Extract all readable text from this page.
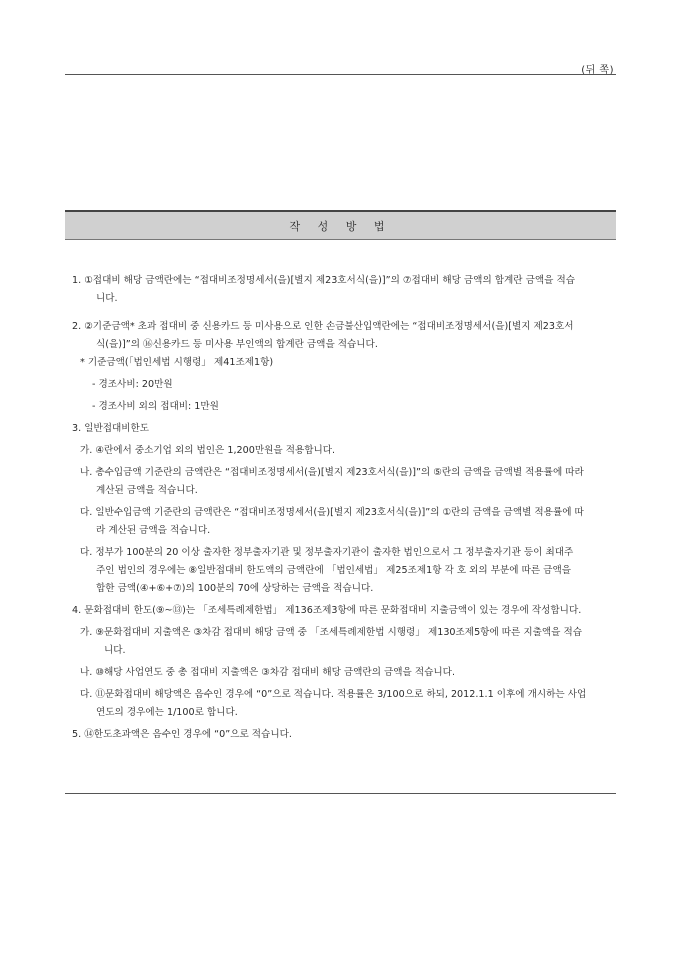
(뒤 쪽)
작 성 방 법
1. ①접대비 해당 금액란에는 “접대비조정명세서(을)[별지 제23호서식(을)]”의 ⑦접대비 해당 금액의 합계란 금액을 적습
니다.
2. ②기준금액* 초과 접대비 중 신용카드 등 미사용으로 인한 손금불산입액란에는 “접대비조정명세서(을)[별지 제23호서
식(을)]”의 ⑯신용카드 등 미사용 부인액의 합계란 금액을 적습니다.
* 기준금액(「법인세법 시행령」 제41조제1항)
- 경조사비: 20만원
- 경조사비 외의 접대비: 1만원
3. 일반접대비한도
가. ④란에서 중소기업 외의 법인은 1,200만원을 적용합니다.
나. 총수입금액 기준란의 금액란은 “접대비조정명세서(을)[별지 제23호서식(을)]”의 ⑤란의 금액을 금액별 적용률에 따라
계산된 금액을 적습니다.
다. 일반수입금액 기준란의 금액란은 “접대비조정명세서(을)[별지 제23호서식(을)]”의 ①란의 금액을 금액별 적용률에 따
라 계산된 금액을 적습니다.
다. 정부가 100분의 20 이상 출자한 정부출자기관 및 정부출자기관이 출자한 법인으로서 그 정부출자기관 등이 최대주
주인 법인의 경우에는 ⑧일반접대비 한도액의 금액란에 「법인세법」 제25조제1항 각 호 외의 부분에 따른 금액을
합한 금액(④+⑥+⑦)의 100분의 70에 상당하는 금액을 적습니다.
4. 문화접대비 한도(⑨~⑬)는 「조세특례제한법」 제136조제3항에 따른 문화접대비 지출금액이 있는 경우에 작성합니다.
가. ⑨문화접대비 지출액은 ③차감 접대비 해당 금액 중 「조세특례제한법 시행령」 제130조제5항에 따른 지출액을 적습
니다.
나. ⑩해당 사업연도 중 총 접대비 지출액은 ③차감 접대비 해당 금액란의 금액을 적습니다.
다. ⑪문화접대비 해당액은 음수인 경우에 “0”으로 적습니다. 적용률은 3/100으로 하되, 2012.1.1 이후에 개시하는 사업
연도의 경우에는 1/100로 합니다.
5. ⑭한도초과액은 음수인 경우에 “0”으로 적습니다.
